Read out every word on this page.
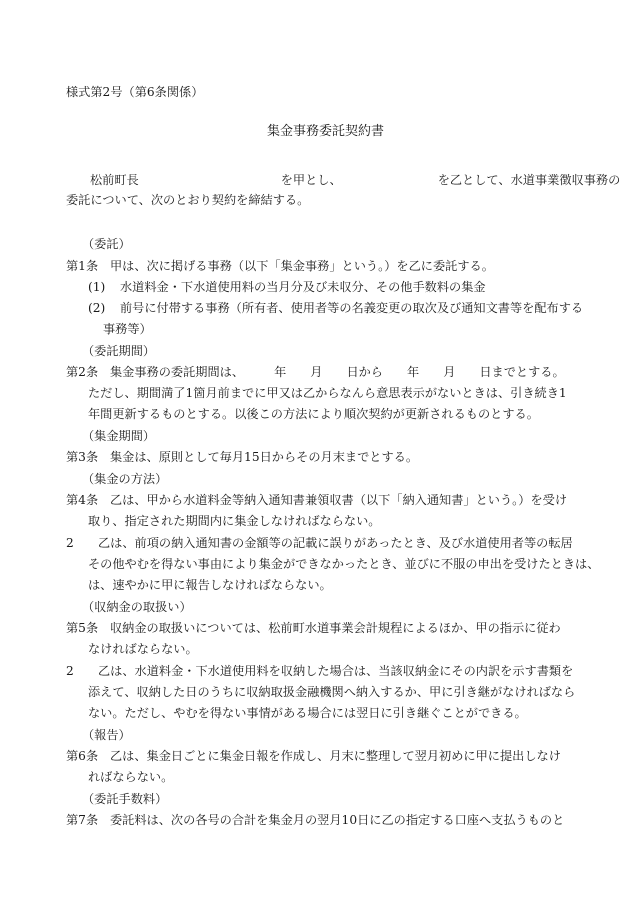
様式第2号（第6条関係）
集金事務委託契約書
松前町長	を甲とし、	を乙として、水道事業徴収事務の
委託について、次のとおり契約を締結する。
（委託）
第1条 甲は、次に掲げる事務（以下「集金事務」という。）を乙に委託する。
(1) 水道料金・下水道使用料の当月分及び未収分、その他手数料の集金
(2) 前号に付帯する事務（所有者、使用者等の名義変更の取次及び通知文書等を配布する
事務等）
（委託期間）
第2条 集金事務の委託期間は、 年 月 日から 年 月 日までとする。
ただし、期間満了1箇月前までに甲又は乙からなんら意思表示がないときは、引き続き1
年間更新するものとする。以後この方法により順次契約が更新されるものとする。
（集金期間）
第3条 集金は、原則として毎月15日からその月末までとする。
（集金の方法）
第4条 乙は、甲から水道料金等納入通知書兼領収書（以下「納入通知書」という。）を受け
取り、指定された期間内に集金しなければならない。
2 乙は、前項の納入通知書の金額等の記載に誤りがあったとき、及び水道使用者等の転居
その他やむを得ない事由により集金ができなかったとき、並びに不服の申出を受けたときは、
は、速やかに甲に報告しなければならない。
（収納金の取扱い）
第5条 収納金の取扱いについては、松前町水道事業会計規程によるほか、甲の指示に従わ
なければならない。
2 乙は、水道料金・下水道使用料を収納した場合は、当該収納金にその内訳を示す書類を
添えて、収納した日のうちに収納取扱金融機関へ納入するか、甲に引き継がなければなら
ない。ただし、やむを得ない事情がある場合には翌日に引き継ぐことができる。
（報告）
第6条 乙は、集金日ごとに集金日報を作成し、月末に整理して翌月初めに甲に提出しなけ
ればならない。
（委託手数料）
第7条 委託料は、次の各号の合計を集金月の翌月10日に乙の指定する口座へ支払うものと
